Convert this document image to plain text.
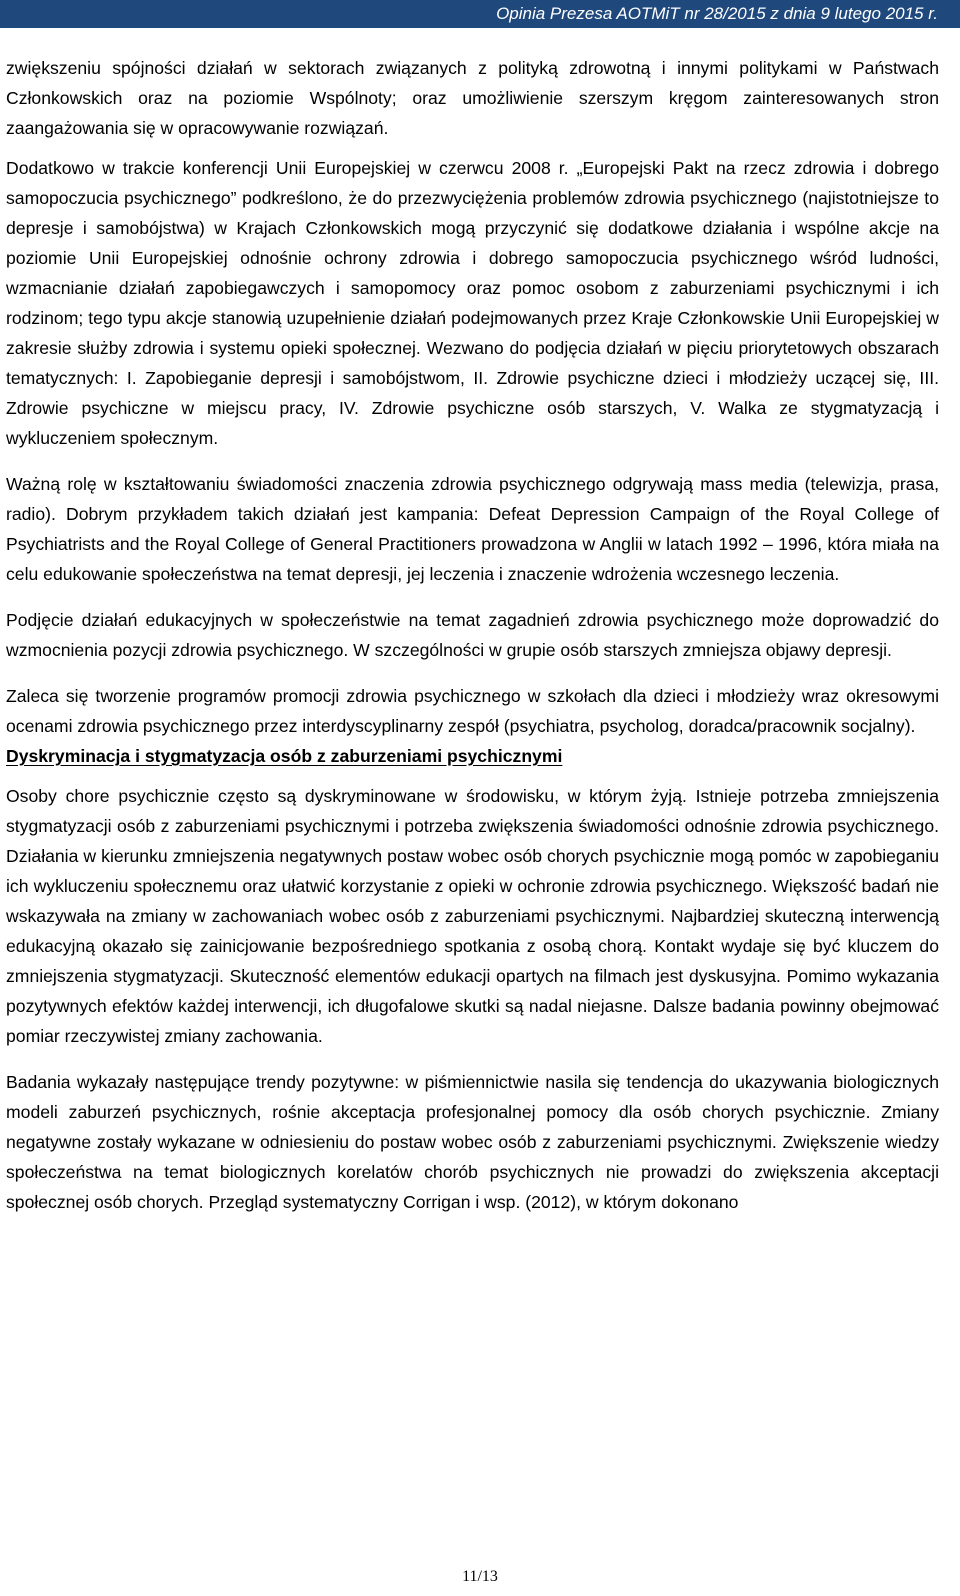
Opinia Prezesa AOTMiT nr 28/2015 z dnia 9 lutego 2015 r.

zwiększeniu spójności działań w sektorach związanych z polityką zdrowotną i innymi politykami w Państwach Członkowskich oraz na poziomie Wspólnoty; oraz umożliwienie szerszym kręgom zainteresowanych stron zaangażowania się w opracowywanie rozwiązań.

Dodatkowo w trakcie konferencji Unii Europejskiej w czerwcu 2008 r. „Europejski Pakt na rzecz zdrowia i dobrego samopoczucia psychicznego” podkreślono, że do przezwyciężenia problemów zdrowia psychicznego (najistotniejsze to depresje i samobójstwa) w Krajach Członkowskich mogą przyczynić się dodatkowe działania i wspólne akcje na poziomie Unii Europejskiej odnośnie ochrony zdrowia i dobrego samopoczucia psychicznego wśród ludności, wzmacnianie działań zapobiegawczych i samopomocy oraz pomoc osobom z zaburzeniami psychicznymi i ich rodzinom; tego typu akcje stanowią uzupełnienie działań podejmowanych przez Kraje Członkowskie Unii Europejskiej w zakresie służby zdrowia i systemu opieki społecznej. Wezwano do podjęcia działań w pięciu priorytetowych obszarach tematycznych: I. Zapobieganie depresji i samobójstwom, II. Zdrowie psychiczne dzieci i młodzieży uczącej się, III. Zdrowie psychiczne w miejscu pracy, IV. Zdrowie psychiczne osób starszych, V. Walka ze stygmatyzacją i wykluczeniem społecznym.

Ważną rolę w kształtowaniu świadomości znaczenia zdrowia psychicznego odgrywają mass media (telewizja, prasa, radio). Dobrym przykładem takich działań jest kampania: Defeat Depression Campaign of the Royal College of Psychiatrists and the Royal College of General Practitioners prowadzona w Anglii w latach 1992 – 1996, która miała na celu edukowanie społeczeństwa na temat depresji, jej leczenia i znaczenie wdrożenia wczesnego leczenia.

Podjęcie działań edukacyjnych w społeczeństwie na temat zagadnień zdrowia psychicznego może doprowadzić do wzmocnienia pozycji zdrowia psychicznego. W szczególności w grupie osób starszych zmniejsza objawy depresji.

Zaleca się tworzenie programów promocji zdrowia psychicznego w szkołach dla dzieci i młodzieży wraz okresowymi ocenami zdrowia psychicznego przez interdyscyplinarny zespół (psychiatra, psycholog, doradca/pracownik socjalny).

Dyskryminacja i stygmatyzacja osób z zaburzeniami psychicznymi

Osoby chore psychicznie często są dyskryminowane w środowisku, w którym żyją. Istnieje potrzeba zmniejszenia stygmatyzacji osób z zaburzeniami psychicznymi i potrzeba zwiększenia świadomości odnośnie zdrowia psychicznego. Działania w kierunku zmniejszenia negatywnych postaw wobec osób chorych psychicznie mogą pomóc w zapobieganiu ich wykluczeniu społecznemu oraz ułatwić korzystanie z opieki w ochronie zdrowia psychicznego. Większość badań nie wskazywała na zmiany w zachowaniach wobec osób z zaburzeniami psychicznymi. Najbardziej skuteczną interwencją edukacyjną okazało się zainicjowanie bezpośredniego spotkania z osobą chorą. Kontakt wydaje się być kluczem do zmniejszenia stygmatyzacji. Skuteczność elementów edukacji opartych na filmach jest dyskusyjna. Pomimo wykazania pozytywnych efektów każdej interwencji, ich długofalowe skutki są nadal niejasne. Dalsze badania powinny obejmować pomiar rzeczywistej zmiany zachowania.

Badania wykazały następujące trendy pozytywne: w piśmiennictwie nasila się tendencja do ukazywania biologicznych modeli zaburzeń psychicznych, rośnie akceptacja profesjonalnej pomocy dla osób chorych psychicznie. Zmiany negatywne zostały wykazane w odniesieniu do postaw wobec osób z zaburzeniami psychicznymi. Zwiększenie wiedzy społeczeństwa na temat biologicznych korelatów chorób psychicznych nie prowadzi do zwiększenia akceptacji społecznej osób chorych. Przegląd systematyczny Corrigan i wsp. (2012), w którym dokonano

11/13
